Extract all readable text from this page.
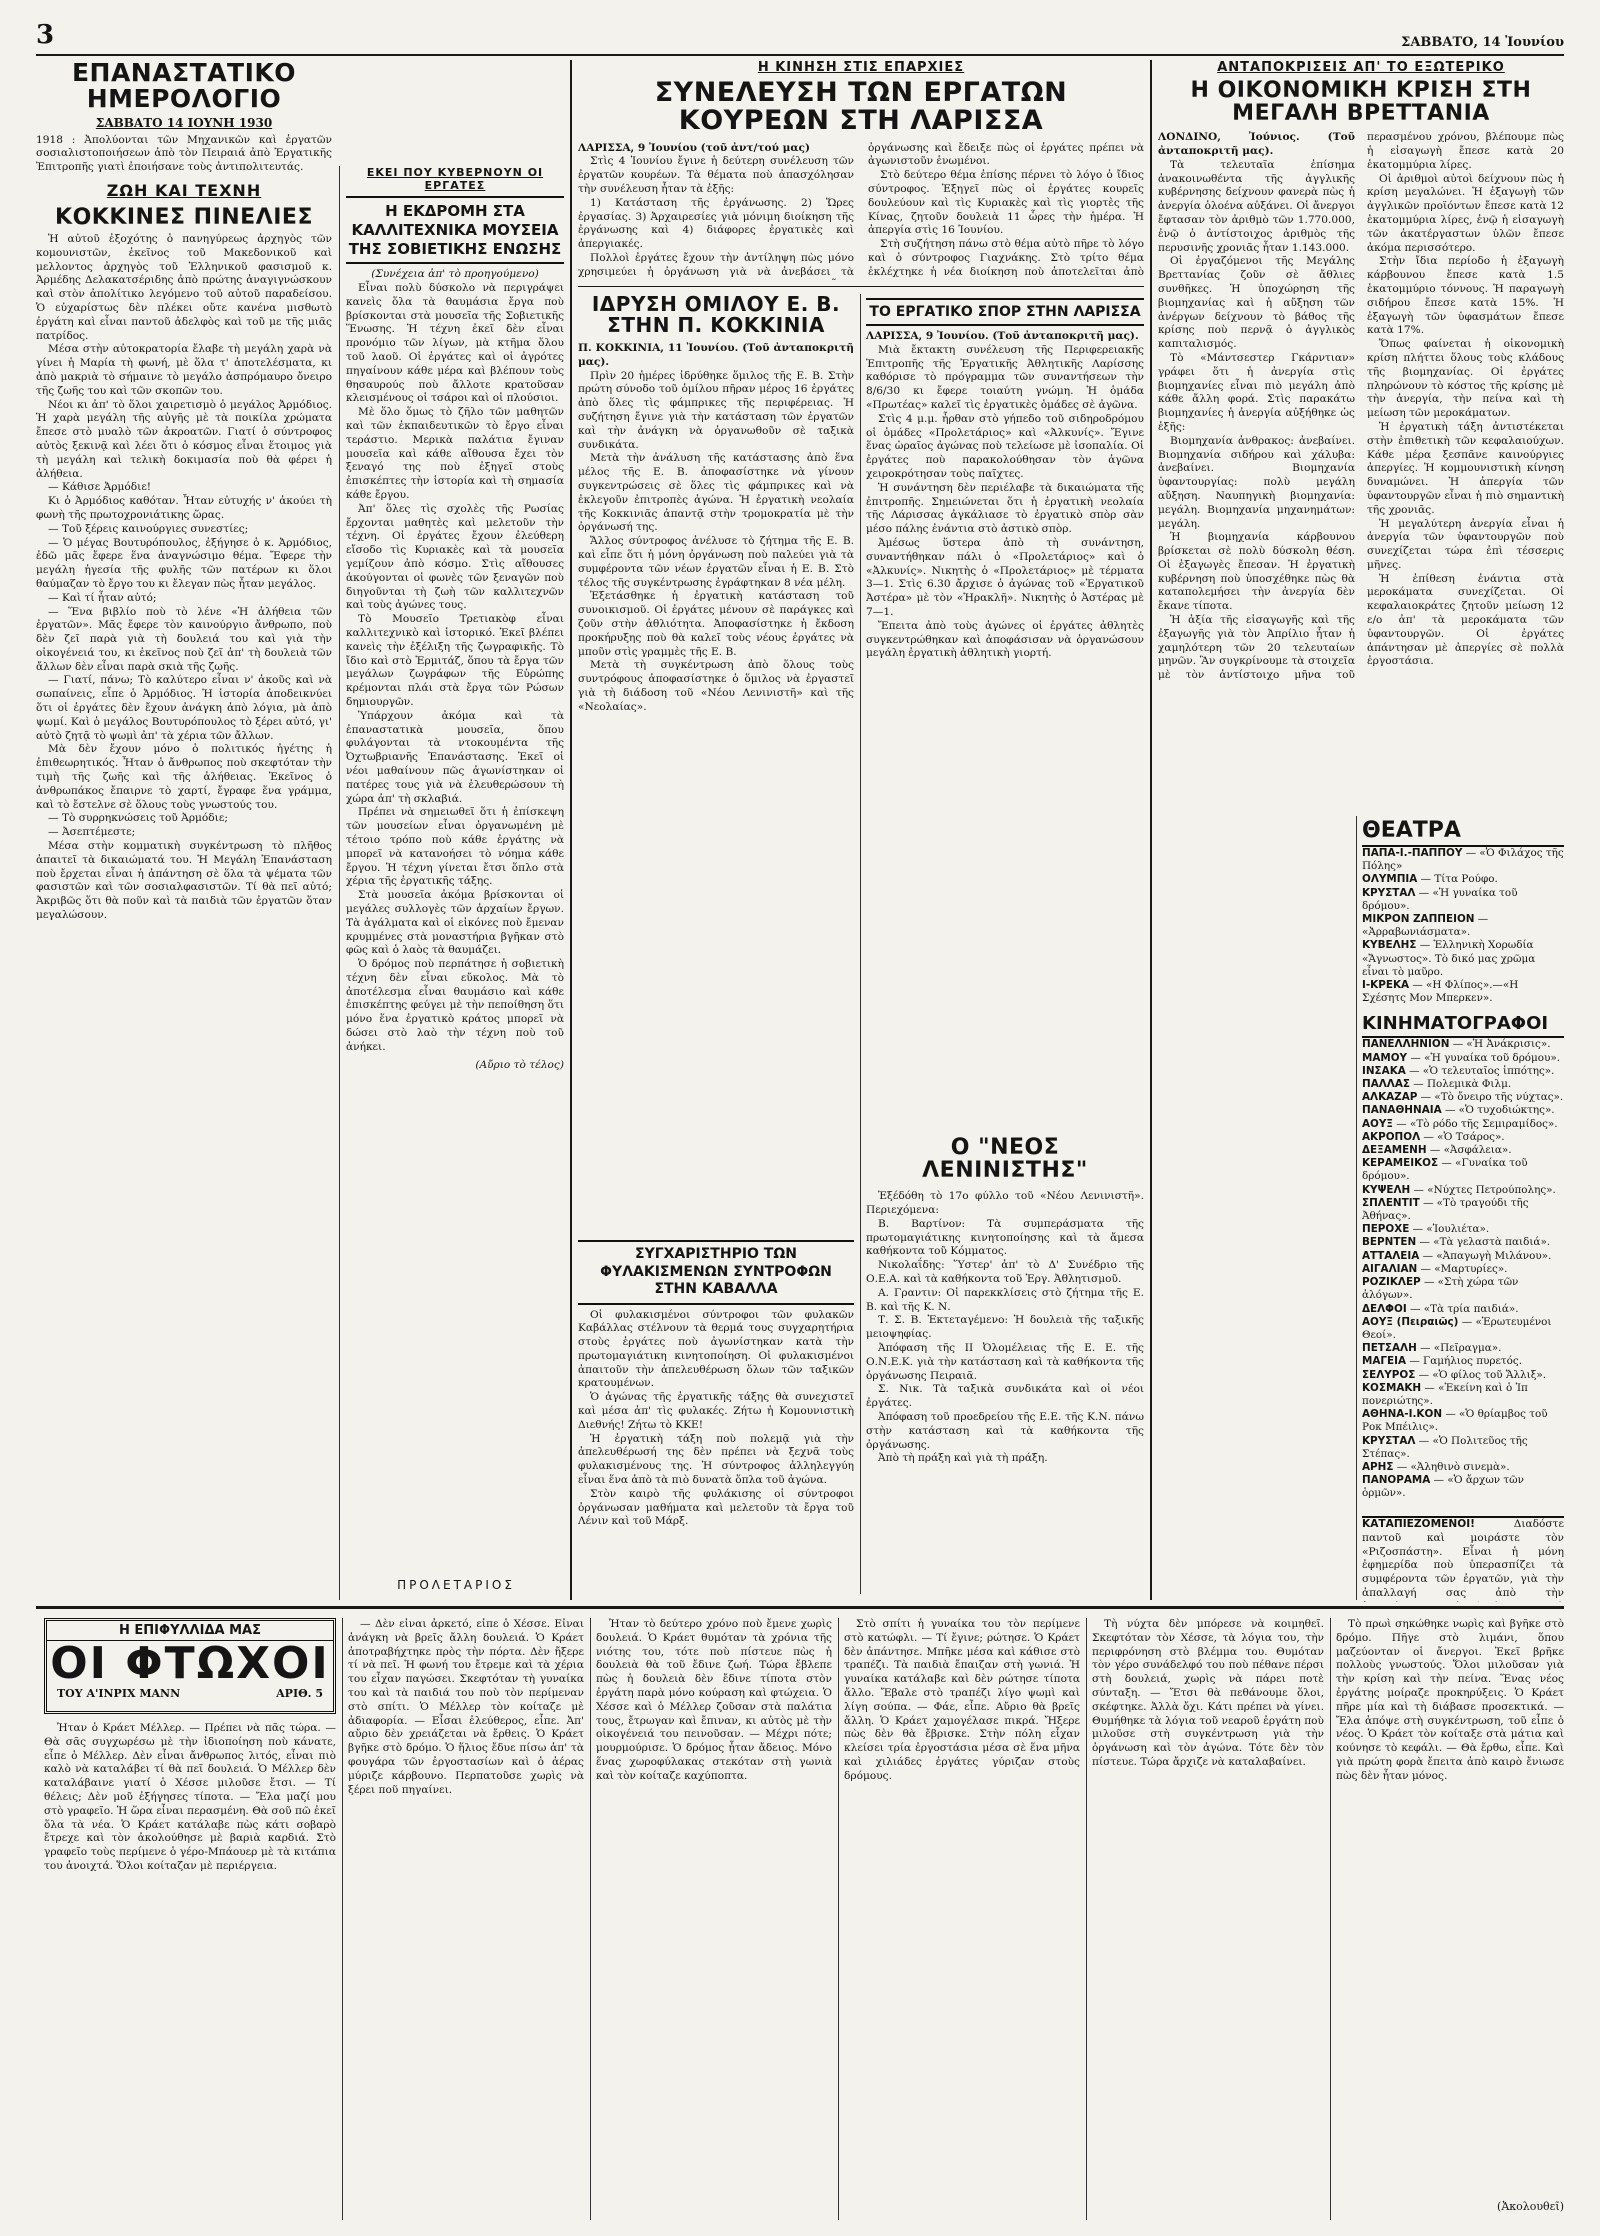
3	ΣΑΒΒΑΤΟ, 14 Ἰουνίου
ΕΠΑΝΑΣΤΑΤΙΚΟ ΗΜΕΡΟΛΟΓΙΟ
ΣΑΒΒΑΤΟ 14 ΙΟΥΝΗ 1930

1918 : Ἀπολύονται τῶν Μηχανικῶν καὶ ἐργατῶν σοσιαλιστοποιήσεων ἀπὸ τὸν Πειραιά ἀπὸ Ἐργατικῆς Ἐπιτροπῆς γιατὶ ἐποιήσανε τοὺς ἀντιπολιτευτάς.

ΖΩΗ ΚΑΙ ΤΕΧΝΗ
ΚΟΚΚΙΝΕΣ ΠΙΝΕΛΙΕΣ

Ἡ αὐτοῦ ἐξοχότης ὁ πανηγύρεως ἀρχηγὸς τῶν κομουνιστῶν, ἐκεῖνος τοῦ Μακεδονικοῦ καὶ μελλοντος ἀρχηγὸς τοῦ Ἑλληνικοῦ φασισμοῦ κ. Ἀρμέδης Δελακατσέριδης ἀπὸ πρώτης ἀναγιγνώσκουν καὶ στὸν ἀπολίτικο λεγόμενο τοῦ αὐτοῦ παραδείσου. Ὁ εὐχαρίστως δὲν πλέκει οὔτε κανένα μισθωτὸ ἐργάτη καὶ εἶναι παντοῦ ἀδελφὸς καὶ τοῦ με τῆς μιᾶς πατρίδος.

Μέσα στὴν αὐτοκρατορία ἔλαβε τὴ μεγάλη χαρὰ νὰ γίνει ἡ Μαρία τὴ φωνή, μὲ ὅλα τ' ἀποτελέσματα, κι ἀπὸ μακριὰ τὸ σήμαινε τὸ μεγάλο ἀσπρόμαυρο ὄνειρο τῆς ζωῆς του καὶ τῶν σκοπῶν του.

Νέοι κι ἀπ' τὸ ὅλοι χαιρετισμὸ ὁ μεγάλος Ἀρμόδιος. Ἡ χαρὰ μεγάλη τῆς αὐγῆς μὲ τὰ ποικίλα χρώματα ἔπεσε στὸ μυαλὸ τῶν ἀκροατῶν. Γιατί ὁ σύντροφος αὐτὸς ξεκινᾷ καὶ λέει ὅτι ὁ κόσμος εἶναι ἕτοιμος γιὰ τὴ μεγάλη καὶ τελικὴ δοκιμασία ποὺ θὰ φέρει ἡ ἀλήθεια.

— Κάθισε Ἀρμόδιε!

Κι ὁ Ἀρμόδιος καθόταν. Ἦταν εὐτυχής ν' ἀκούει τὴ φωνὴ τῆς πρωτοχρονιάτικης ὥρας.

— Τοῦ ξέρεις καινούργιες συνεστίες;

— Ὁ μέγας Βουτυρόπουλος, ἐξήγησε ὁ κ. Ἀρμόδιος, ἐδῶ μᾶς ἔφερε ἕνα ἀναγνώσιμο θέμα. Ἔφερε τὴν μεγάλη ἡγεσία τῆς φυλῆς τῶν πατέρων κι ὅλοι θαύμαζαν τὸ ἔργο του κι ἔλεγαν πὼς ἦταν μεγάλος.

— Καὶ τί ἦταν αὐτό;

— Ἕνα βιβλίο ποὺ τὸ λένε «Ἡ ἀλήθεια τῶν ἐργατῶν». Μᾶς ἔφερε τὸν καινούργιο ἄνθρωπο, ποὺ δὲν ζεῖ παρὰ γιὰ τὴ δουλειά του καὶ γιὰ τὴν οἰκογένειά του, κι ἐκεῖνος ποὺ ζεῖ ἀπ' τὴ δουλειὰ τῶν ἄλλων δὲν εἶναι παρὰ σκιὰ τῆς ζωῆς.

— Γιατί, πάνω; Τὸ καλύτερο εἶναι ν' ἀκοῦς καὶ νὰ σωπαίνεις, εἶπε ὁ Ἀρμόδιος. Ἡ ἱστορία ἀποδεικνύει ὅτι οἱ ἐργάτες δὲν ἔχουν ἀνάγκη ἀπὸ λόγια, μὰ ἀπὸ ψωμί. Καὶ ὁ μεγάλος Βουτυρόπουλος τὸ ξέρει αὐτό, γι' αὐτὸ ζητᾷ τὸ ψωμὶ ἀπ' τὰ χέρια τῶν ἄλλων.

Μὰ δὲν ἔχουν μόνο ὁ πολιτικός ἠγέτης ἡ ἐπιθεωρητικός. Ἦταν ὁ ἄνθρωπος ποὺ σκεφτόταν τὴν τιμὴ τῆς ζωῆς καὶ τῆς ἀλήθειας. Ἐκεῖνος ὁ ἀνθρωπάκος ἔπαιρνε τὸ χαρτί, ἔγραφε ἕνα γράμμα, καὶ τὸ ἔστελνε σὲ ὅλους τοὺς γνωστούς του.

— Τὸ συρρηκνώσεις τοῦ Ἀρμόδιε;

— Ἀσεπτέμεστε;

Μέσα στὴν κομματικὴ συγκέντρωση τὸ πλῆθος ἀπαιτεῖ τὰ δικαιώματά του. Ἡ Μεγάλη Ἐπανάσταση ποὺ ἔρχεται εἶναι ἡ ἀπάντηση σὲ ὅλα τὰ ψέματα τῶν φασιστῶν καὶ τῶν σοσιαλφασιστῶν. Τί θὰ πεῖ αὐτό; Ἀκριβῶς ὅτι θὰ ποῦν καὶ τὰ παιδιὰ τῶν ἐργατῶν ὅταν μεγαλώσουν.

ΕΚΕΙ ΠΟΥ ΚΥΒΕΡΝΟΥΝ ΟΙ ΕΡΓΑΤΕΣ
Η ΕΚΔΡΟΜΗ ΣΤΑ ΚΑΛΛΙΤΕΧΝΙΚΑ ΜΟΥΣΕΙΑ ΤΗΣ ΣΟΒΙΕΤΙΚΗΣ ΕΝΩΣΗΣ

(Συνέχεια ἀπ' τὸ προηγούμενο)

Εἶναι πολὺ δύσκολο νὰ περιγράψει κανεὶς ὅλα τὰ θαυμάσια ἔργα ποὺ βρίσκονται στὰ μουσεῖα τῆς Σοβιετικῆς Ἕνωσης. Ἡ τέχνη ἐκεῖ δὲν εἶναι προνόμιο τῶν λίγων, μὰ κτῆμα ὅλου τοῦ λαοῦ. Οἱ ἐργάτες καὶ οἱ ἀγρότες πηγαίνουν κάθε μέρα καὶ βλέπουν τοὺς θησαυρούς ποὺ ἄλλοτε κρατοῦσαν κλεισμένους οἱ τσάροι καὶ οἱ πλούσιοι.

Μὲ ὅλο ὅμως τὸ ζῆλο τῶν μαθητῶν καὶ τῶν ἐκπαιδευτικῶν τὸ ἔργο εἶναι τεράστιο. Μερικὰ παλάτια ἔγιναν μουσεῖα καὶ κάθε αἴθουσα ἔχει τὸν ξεναγό της ποὺ ἐξηγεῖ στοὺς ἐπισκέπτες τὴν ἱστορία καὶ τὴ σημασία κάθε ἔργου.

Ἀπ' ὅλες τὶς σχολὲς τῆς Ρωσίας ἔρχονται μαθητὲς καὶ μελετοῦν τὴν τέχνη. Οἱ ἐργάτες ἔχουν ἐλεύθερη εἴσοδο τὶς Κυριακὲς καὶ τὰ μουσεῖα γεμίζουν ἀπὸ κόσμο. Στὶς αἴθουσες ἀκούγονται οἱ φωνὲς τῶν ξεναγῶν ποὺ διηγοῦνται τὴ ζωὴ τῶν καλλιτεχνῶν καὶ τοὺς ἀγώνες τους.

Τὸ Μουσεῖο Τρετιακὸφ εἶναι καλλιτεχνικὸ καὶ ἱστορικό. Ἐκεῖ βλέπει κανεὶς τὴν ἐξέλιξη τῆς ζωγραφικῆς. Τὸ ἴδιο καὶ στὸ Ἐρμιτάζ, ὅπου τὰ ἔργα τῶν μεγάλων ζωγράφων τῆς Εὐρώπης κρέμονται πλάι στὰ ἔργα τῶν Ρώσων δημιουργῶν.

Ὑπάρχουν ἀκόμα καὶ τὰ ἐπαναστατικὰ μουσεῖα, ὅπου φυλάγονται τὰ ντοκουμέντα τῆς Ὀχτωβριανῆς Ἐπανάστασης. Ἐκεῖ οἱ νέοι μαθαίνουν πῶς ἀγωνίστηκαν οἱ πατέρες τους γιὰ νὰ ἐλευθερώσουν τὴ χώρα ἀπ' τὴ σκλαβιά.

Πρέπει νὰ σημειωθεῖ ὅτι ἡ ἐπίσκεψη τῶν μουσείων εἶναι ὀργανωμένη μὲ τέτοιο τρόπο ποὺ κάθε ἐργάτης νὰ μπορεῖ νὰ κατανοήσει τὸ νόημα κάθε ἔργου. Ἡ τέχνη γίνεται ἔτσι ὅπλο στὰ χέρια τῆς ἐργατικῆς τάξης.

Στὰ μουσεῖα ἀκόμα βρίσκονται οἱ μεγάλες συλλογὲς τῶν ἀρχαίων ἔργων. Τὰ ἀγάλματα καὶ οἱ εἰκόνες ποὺ ἔμεναν κρυμμένες στὰ μοναστήρια βγῆκαν στὸ φῶς καὶ ὁ λαὸς τὰ θαυμάζει.

Ὁ δρόμος ποὺ περπάτησε ἡ σοβιετικὴ τέχνη δὲν εἶναι εὔκολος. Μὰ τὸ ἀποτέλεσμα εἶναι θαυμάσιο καὶ κάθε ἐπισκέπτης φεύγει μὲ τὴν πεποίθηση ὅτι μόνο ἕνα ἐργατικὸ κράτος μπορεῖ νὰ δώσει στὸ λαὸ τὴν τέχνη ποὺ τοῦ ἀνήκει.

(Αὔριο τὸ τέλος)
Η ΚΙΝΗΣΗ ΣΤΙΣ ΕΠΑΡΧΙΕΣ
ΣΥΝΕΛΕΥΣΗ ΤΩΝ ΕΡΓΑΤΩΝ ΚΟΥΡΕΩΝ ΣΤΗ ΛΑΡΙΣΣΑ

ΛΑΡΙΣΣΑ, 9 Ἰουνίου (τοῦ ἀντ/τού μας)

Στὶς 4 Ἰουνίου ἔγινε ἡ δεύτερη συνέλευση τῶν ἐργατῶν κουρέων. Τὰ θέματα ποὺ ἀπασχόλησαν τὴν συνέλευση ἦταν τὰ ἑξῆς:

1) Κατάσταση τῆς ἐργάνωσης. 2) Ὥρες ἐργασίας. 3) Ἀρχαιρεσίες γιὰ μόνιμη διοίκηση τῆς ἐργάνωσης καὶ 4) διάφορες ἐργατικὲς καὶ ἀπεργιακές.

Πολλοὶ ἐργάτες ἔχουν τὴν ἀντίληψη πὼς μόνο χρησιμεύει ἡ ὀργάνωση γιὰ νὰ ἀνεβάσει τὰ

ὀργάνωσης καὶ ἔδειξε πὼς οἱ ἐργάτες πρέπει νὰ ἀγωνιστοῦν ἑνωμένοι.

Στὸ δεύτερο θέμα ἐπίσης πέρνει τὸ λόγο ὁ ἴδιος σύντροφος. Ἐξηγεῖ πὼς οἱ ἐργάτες κουρεῖς δουλεύουν καὶ τὶς Κυριακὲς καὶ τὶς γιορτὲς τῆς Κίνας, ζητοῦν δουλειὰ 11 ὧρες τὴν ἡμέρα. Ἡ ἀπεργία στὶς 16 Ἰουνίου.

Στὴ συζήτηση πάνω στὸ θέμα αὐτὸ πῆρε τὸ λόγο καὶ ὁ σύντροφος Γιαχνάκης. Στὸ τρίτο θέμα ἐκλέχτηκε ἡ νέα διοίκηση ποὺ ἀποτελεῖται ἀπὸ

ΙΔΡΥΣΗ ΟΜΙΛΟΥ Ε. Β. ΣΤΗΝ Π. ΚΟΚΚΙΝΙΑ

Π. ΚΟΚΚΙΝΙΑ, 11 Ἰουνίου. (Τοῦ ἀνταποκριτῆ μας).

Πρὶν 20 ἡμέρες ἱδρύθηκε ὅμιλος τῆς Ε. Β. Στὴν πρώτη σύνοδο τοῦ ὁμίλου πῆραν μέρος 16 ἐργάτες ἀπὸ ὅλες τὶς φάμπρικες τῆς περιφέρειας. Ἡ συζήτηση ἔγινε γιὰ τὴν κατάσταση τῶν ἐργατῶν καὶ τὴν ἀνάγκη νὰ ὀργανωθοῦν σὲ ταξικὰ συνδικάτα.

Μετὰ τὴν ἀνάλυση τῆς κατάστασης ἀπὸ ἕνα μέλος τῆς Ε. Β. ἀποφασίστηκε νὰ γίνουν συγκεντρώσεις σὲ ὅλες τὶς φάμπρικες καὶ νὰ ἐκλεγοῦν ἐπιτροπὲς ἀγώνα. Ἡ ἐργατικὴ νεολαία τῆς Κοκκινιᾶς ἀπαντᾷ στὴν τρομοκρατία μὲ τὴν ὀργάνωσή της.

Ἄλλος σύντροφος ἀνέλυσε τὸ ζήτημα τῆς Ε. Β. καὶ εἶπε ὅτι ἡ μόνη ὀργάνωση ποὺ παλεύει γιὰ τὰ συμφέροντα τῶν νέων ἐργατῶν εἶναι ἡ Ε. Β. Στὸ τέλος τῆς συγκέντρωσης ἐγράφτηκαν 8 νέα μέλη.

Ἐξετάσθηκε ἡ ἐργατικὴ κατάσταση τοῦ συνοικισμοῦ. Οἱ ἐργάτες μένουν σὲ παράγκες καὶ ζοῦν στὴν ἀθλιότητα. Ἀποφασίστηκε ἡ ἔκδοση προκήρυξης ποὺ θὰ καλεῖ τοὺς νέους ἐργάτες νὰ μποῦν στὶς γραμμὲς τῆς Ε. Β.

Μετὰ τὴ συγκέντρωση ἀπὸ ὅλους τοὺς συντρόφους ἀποφασίστηκε ὁ ὅμιλος νὰ ἐργαστεῖ γιὰ τὴ διάδοση τοῦ «Νέου Λενινιστῆ» καὶ τῆς «Νεολαίας».

ΤΟ ΕΡΓΑΤΙΚΟ ΣΠΟΡ ΣΤΗΝ ΛΑΡΙΣΣΑ

ΛΑΡΙΣΣΑ, 9 Ἰουνίου. (Τοῦ ἀνταποκριτῆ μας).

Μιὰ ἔκτακτη συνέλευση τῆς Περιφερειακῆς Ἐπιτροπῆς τῆς Ἐργατικῆς Ἀθλητικῆς Λαρίσσης καθόρισε τὸ πρόγραμμα τῶν συναντήσεων τὴν 8/6/30 κι ἔφερε τοιαύτη γνώμη. Ἡ ὁμάδα «Πρωτέας» καλεῖ τὶς ἐργατικὲς ὁμάδες σὲ ἀγῶνα.

Στὶς 4 μ.μ. ἦρθαν στὸ γήπεδο τοῦ σιδηροδρόμου οἱ ὁμάδες «Προλετάριος» καὶ «Ἀλκυνίς». Ἔγινε ἕνας ὡραῖος ἀγώνας ποὺ τελείωσε μὲ ἰσοπαλία. Οἱ ἐργάτες ποὺ παρακολούθησαν τὸν ἀγῶνα χειροκρότησαν τοὺς παῖχτες.

Ἡ συνάντηση δὲν περιέλαβε τὰ δικαιώματα τῆς ἐπιτροπῆς. Σημειώνεται ὅτι ἡ ἐργατικὴ νεολαία τῆς Λάρισσας ἀγκάλιασε τὸ ἐργατικὸ σπὸρ σὰν μέσο πάλης ἐνάντια στὸ ἀστικὸ σπὸρ.

Ἀμέσως ὕστερα ἀπὸ τὴ συνάντηση, συναντήθηκαν πάλι ὁ «Προλετάριος» καὶ ὁ «Ἀλκυνίς». Νικητὴς ὁ «Προλετάριος» μὲ τέρματα 3—1. Στὶς 6.30 ἄρχισε ὁ ἀγώνας τοῦ «Ἐργατικοῦ Ἀστέρα» μὲ τὸν «Ἡρακλῆ». Νικητὴς ὁ Ἀστέρας μὲ 7—1.

Ἔπειτα ἀπὸ τοὺς ἀγώνες οἱ ἐργάτες ἀθλητὲς συγκεντρώθηκαν καὶ ἀποφάσισαν νὰ ὀργανώσουν μεγάλη ἐργατικὴ ἀθλητικὴ γιορτή.

ΣΥΓΧΑΡΙΣΤΗΡΙΟ ΤΩΝ ΦΥΛΑΚΙΣΜΕΝΩΝ ΣΥΝΤΡΟΦΩΝ ΣΤΗΝ ΚΑΒΑΛΛΑ

Οἱ φυλακισμένοι σύντροφοι τῶν φυλακῶν Καβάλλας στέλνουν τὰ θερμά τους συγχαρητήρια στοὺς ἐργάτες ποὺ ἀγωνίστηκαν κατὰ τὴν πρωτομαγιάτικη κινητοποίηση. Οἱ φυλακισμένοι ἀπαιτοῦν τὴν ἀπελευθέρωση ὅλων τῶν ταξικῶν κρατουμένων.

Ὁ ἀγώνας τῆς ἐργατικῆς τάξης θὰ συνεχιστεῖ καὶ μέσα ἀπ' τὶς φυλακές. Ζήτω ἡ Κομουνιστικὴ Διεθνής! Ζήτω τὸ ΚΚΕ!

Ἡ ἐργατικὴ τάξη ποὺ πολεμᾷ γιὰ τὴν ἀπελευθέρωσή της δὲν πρέπει νὰ ξεχνᾶ τοὺς φυλακισμένους της. Ἡ σύντροφος ἀλληλεγγύη εἶναι ἕνα ἀπὸ τὰ πιὸ δυνατὰ ὅπλα τοῦ ἀγώνα.

Στὸν καιρὸ τῆς φυλάκισης οἱ σύντροφοι ὀργάνωσαν μαθήματα καὶ μελετοῦν τὰ ἔργα τοῦ Λένιν καὶ τοῦ Μάρξ.

Ο "ΝΕΟΣ ΛΕΝΙΝΙΣΤΗΣ"

Ἐξέδόθη τὸ 17ο φύλλο τοῦ «Νέου Λενινιστῆ». Περιεχόμενα:

Β. Βαρτίνον: Τὰ συμπεράσματα τῆς πρωτομαγιάτικης κινητοποίησης καὶ τὰ ἄμεσα καθήκοντα τοῦ Κόμματος.

Νικολαΐδης: Ὕστερ' ἀπ' τὸ Δ' Συνέδριο τῆς Ο.Ε.Α. καὶ τὰ καθήκοντα τοῦ Ἐργ. Ἀθλητισμοῦ.

Α. Γραντιν: Οἱ παρεκκλίσεις στὸ ζήτημα τῆς Ε. Β. καὶ τῆς Κ. Ν.

Τ. Σ. Β. Ἐκτεταγέμενο: Ἡ δουλειὰ τῆς ταξικῆς μειοψηφίας.

Ἀπόφαση τῆς ΙΙ Ὀλομέλειας τῆς Ε. Ε. τῆς Ο.Ν.Ε.Κ. γιὰ τὴν κατάσταση καὶ τὰ καθήκοντα τῆς ὀργάνωσης Πειραιᾶ.

Σ. Νικ. Τὰ ταξικὰ συνδικάτα καὶ οἱ νέοι ἐργάτες.

Ἀπόφαση τοῦ προεδρείου τῆς Ε.Ε. τῆς Κ.Ν. πάνω στὴν κατάσταση καὶ τὰ καθήκοντα τῆς ὀργάνωσης.

Ἀπὸ τὴ πράξη καὶ γιὰ τὴ πράξη.

ΠΡΟΛΕΤΑΡΙΟΣ
ΑΝΤΑΠΟΚΡΙΣΕΙΣ ΑΠ' ΤΟ ΕΞΩΤΕΡΙΚΟ
Η ΟΙΚΟΝΟΜΙΚΗ ΚΡΙΣΗ ΣΤΗ ΜΕΓΑΛΗ ΒΡΕΤΤΑΝΙΑ

ΛΟΝΔΙΝΟ, Ἰούνιος. (Τοῦ ἀνταποκριτῆ μας).

Τὰ τελευταῖα ἐπίσημα ἀνακοινωθέντα τῆς ἀγγλικῆς κυβέρνησης δείχνουν φανερὰ πὼς ἡ ἀνεργία ὁλοένα αὐξάνει. Οἱ ἄνεργοι ἔφτασαν τὸν ἀριθμὸ τῶν 1.770.000, ἐνῷ ὁ ἀντίστοιχος ἀριθμὸς τῆς περυσινῆς χρονιᾶς ἦταν 1.143.000.

Οἱ ἐργαζόμενοι τῆς Μεγάλης Βρεττανίας ζοῦν σὲ ἄθλιες συνθῆκες. Ἡ ὑποχώρηση τῆς βιομηχανίας καὶ ἡ αὔξηση τῶν ἀνέργων δείχνουν τὸ βάθος τῆς κρίσης ποὺ περνᾷ ὁ ἀγγλικὸς καπιταλισμός.

Τὸ «Μάντσεστερ Γκάρντιαν» γράφει ὅτι ἡ ἀνεργία στὶς βιομηχανίες εἶναι πιὸ μεγάλη ἀπὸ κάθε ἄλλη φορά. Στὶς παρακάτω βιομηχανίες ἡ ἀνεργία αὐξήθηκε ὡς ἑξῆς:

Βιομηχανία ἀνθρακος: ἀνεβαίνει. Βιομηχανία σιδήρου καὶ χάλυβα: ἀνεβαίνει. Βιομηχανία ὑφαντουργίας: πολὺ μεγάλη αὔξηση. Ναυπηγικὴ βιομηχανία: μεγάλη. Βιομηχανία μηχανημάτων: μεγάλη.

Ἡ βιομηχανία κάρβουνου βρίσκεται σὲ πολὺ δύσκολη θέση. Οἱ ἐξαγωγὲς ἔπεσαν. Ἡ ἐργατικὴ κυβέρνηση ποὺ ὑποσχέθηκε πὼς θὰ καταπολεμήσει τὴν ἀνεργία δὲν ἔκανε τίποτα.

Ἡ ἀξία τῆς εἰσαγωγῆς καὶ τῆς ἐξαγωγῆς γιὰ τὸν Ἀπρίλιο ἦταν ἡ χαμηλότερη τῶν 20 τελευταίων μηνῶν. Ἂν συγκρίνουμε τὰ στοιχεῖα μὲ τὸν ἀντίστοιχο μῆνα τοῦ περασμένου χρόνου, βλέπουμε πὼς ἡ εἰσαγωγὴ ἔπεσε κατὰ 20 ἑκατομμύρια λίρες.

Οἱ ἀριθμοὶ αὐτοὶ δείχνουν πὼς ἡ κρίση μεγαλώνει. Ἡ ἐξαγωγὴ τῶν ἀγγλικῶν προϊόντων ἔπεσε κατὰ 12 ἑκατομμύρια λίρες, ἐνῷ ἡ εἰσαγωγὴ τῶν ἀκατέργαστων ὑλῶν ἔπεσε ἀκόμα περισσότερο.

Στὴν ἴδια περίοδο ἡ ἐξαγωγὴ κάρβουνου ἔπεσε κατὰ 1.5 ἑκατομμύριο τόννους. Ἡ παραγωγὴ σιδήρου ἔπεσε κατὰ 15%. Ἡ ἐξαγωγὴ τῶν ὑφασμάτων ἔπεσε κατὰ 17%.

Ὅπως φαίνεται ἡ οἰκονομικὴ κρίση πλήττει ὅλους τοὺς κλάδους τῆς βιομηχανίας. Οἱ ἐργάτες πληρώνουν τὸ κόστος τῆς κρίσης μὲ τὴν ἀνεργία, τὴν πείνα καὶ τὴ μείωση τῶν μεροκάματων.

Ἡ ἐργατικὴ τάξη ἀντιστέκεται στὴν ἐπιθετικὴ τῶν κεφαλαιούχων. Κάθε μέρα ξεσπᾶνε καινούργιες ἀπεργίες. Ἡ κομμουνιστικὴ κίνηση δυναμώνει. Ἡ ἀπεργία τῶν ὑφαντουργῶν εἶναι ἡ πιὸ σημαντικὴ τῆς χρονιᾶς.

Ἡ μεγαλύτερη ἀνεργία εἶναι ἡ ἀνεργία τῶν ὑφαντουργῶν ποὺ συνεχίζεται τώρα ἐπὶ τέσσερις μῆνες.

Ἡ ἐπίθεση ἐνάντια στὰ μεροκάματα συνεχίζεται. Οἱ κεφαλαιοκράτες ζητοῦν μείωση 12 ε/ο ἀπ' τὰ μεροκάματα τῶν ὑφαντουργῶν. Οἱ ἐργάτες ἀπάντησαν μὲ ἀπεργίες σὲ πολλὰ ἐργοστάσια.

ΘΕΑΤΡΑ

ΠΑΠΑ-Ι.-ΠΑΠΠΟΥ — «Ὁ Φιλάχος τῆς Πόλης»

ΟΛΥΜΠΙΑ — Τίτα Ρούφο.

ΚΡΥΣΤΑΛ — «Ἡ γυναίκα τοῦ δρόμου».

ΜΙΚΡΟΝ ΖΑΠΠΕΙΟΝ — «Ἀρραβωνιάσματα».

ΚΥΒΕΛΗΣ — Ἑλληνικὴ Χορωδία «Ἄγνωστος». Τὸ δικό μας χρῶμα εἶναι τὸ μαῦρο.

Ι-ΚΡΕΚΑ — «Η Φλίπος».—«Η Σχέσητς Μον Μπερκεν».

ΚΙΝΗΜΑΤΟΓΡΑΦΟΙ

ΠΑΝΕΛΛΗΝΙΟΝ — «Ἡ Ἀνάκρισις».

ΜΑΜΟΥ — «Ἡ γυναίκα τοῦ δρόμου».

ΙΝΣΑΚΑ — «Ὁ τελευταῖος ἱππότης».

ΠΑΛΛΑΣ — Πολεμικὰ Φιλμ.

ΑΛΚΑΖΑΡ — «Τὸ ὄνειρο τῆς νύχτας».

ΠΑΝΑΘΗΝΑΙΑ — «Ὁ τυχοδιώκτης».

ΑΟΥΞ — «Τὸ ρόδο τῆς Σεμιραμίδος».

ΑΚΡΟΠΟΛ — «Ὁ Τσάρος».

ΔΕΞΑΜΕΝΗ — «Ἀσφάλεια».

ΚΕΡΑΜΕΙΚΟΣ — «Γυναίκα τοῦ δρόμου».

ΚΥΨΕΛΗ — «Νύχτες Πετρούπολης».

ΣΠΛΕΝΤΙΤ — «Τὸ τραγούδι τῆς Ἀθήνας».

ΠΕΡΟΧΕ — «Ἰουλιέτα».

ΒΕΡΝΤΕΝ — «Τὰ γελαστὰ παιδιά».

ΑΤΤΑΛΕΙΑ — «Ἀπαγωγὴ Μιλάνου».

ΑΙΓΑΛΙΑΝ — «Μαρτυρίες».

ΡΟΖΙΚΛΕΡ — «Στὴ χώρα τῶν ἀλόγων».

ΔΕΛΦΟΙ — «Τὰ τρία παιδιά».

ΑΟΥΞ (Πειραιῶς) — «Ἐρωτευμένοι Θεοί».

ΠΕΤΣΑΛΗ — «Πεῖραγμα».

ΜΑΓΕΙΑ — Γαμήλιος πυρετός.

ΣΕΛΥΡΟΣ — «Ὁ φίλος τοῦ Ἄλλιξ».

ΚΟΣΜΑΚΗ — «Ἐκείνη καὶ ὁ Ἰπ πονεριώτης».

ΑΘΗΝΑ-Ι.ΚΟΝ — «Ὁ θρίαμβος τοῦ Ροκ Μπέιλις».

ΚΡΥΣΤΑΛ — «Ὁ Πολιτεῦος τῆς Στέπας».

ΑΡΗΣ — «Ἀληθινὸ σινεμὰ».

ΠΑΝΟΡΑΜΑ — «Ὁ ἄρχων τῶν ὁρμῶν».

ΚΑΤΑΠΙΕΖΟΜΕΝΟΙ!	Διαδόστε παντοῦ καὶ μοιράστε τὸν «Ριζοσπάστη». Εἶναι ἡ μόνη ἐφημερίδα ποὺ ὑπερασπίζει τὰ συμφέροντα τῶν ἐργατῶν, γιὰ τὴν ἀπαλλαγή σας ἀπὸ τὴν

Η ΕΠΙΦΥΛΛΙΔΑ ΜΑΣ
ΟΙ ΦΤΩΧΟΙ
ΤΟΥ Α'ΙΝΡΙΧ ΜΑΝΝ	ΑΡΙΘ. 5

Ἦταν ὁ Κράετ Μέλλερ. — Πρέπει νὰ πᾶς τώρα. — Θὰ σᾶς συγχωρέσω μὲ τὴν ἰδιοποίηση ποὺ κάνατε, εἶπε ὁ Μέλλερ. Δὲν εἶναι ἄνθρωπος λιτός, εἶναι πιὸ καλὸ νὰ καταλάβει τί θὰ πεῖ δουλειά. Ὁ Μέλλερ δὲν καταλάβαινε γιατί ὁ Χέσσε μιλοῦσε ἔτσι. — Τί θέλεις; Δὲν μοῦ ἐξήγησες τίποτα. — Ἔλα μαζί μου στὸ γραφεῖο. Ἡ ὥρα εἶναι περασμένη. Θὰ σοῦ πῶ ἐκεῖ ὅλα τὰ νέα. Ὁ Κράετ κατάλαβε πὼς κάτι σοβαρὸ ἔτρεχε καὶ τὸν ἀκολούθησε μὲ βαριὰ καρδιά. Στὸ γραφεῖο τοὺς περίμενε ὁ γέρο-Μπάουερ μὲ τὰ κιτάπια του ἀνοιχτά. Ὅλοι κοίταζαν μὲ περιέργεια.

— Δὲν εἶναι ἀρκετό, εἶπε ὁ Χέσσε. Εἶναι ἀνάγκη νὰ βρεῖς ἄλλη δουλειά. Ὁ Κράετ ἀποτραβήχτηκε πρὸς τὴν πόρτα. Δὲν ἤξερε τί νὰ πεῖ. Ἡ φωνή του ἔτρεμε καὶ τὰ χέρια του εἶχαν παγώσει. Σκεφτόταν τὴ γυναίκα του καὶ τὰ παιδιά του ποὺ τὸν περίμεναν στὸ σπίτι. Ὁ Μέλλερ τὸν κοίταζε μὲ ἀδιαφορία. — Εἶσαι ἐλεύθερος, εἶπε. Ἀπ' αὔριο δὲν χρειάζεται νὰ ἔρθεις. Ὁ Κράετ βγῆκε στὸ δρόμο. Ὁ ἥλιος ἔδυε πίσω ἀπ' τὰ φουγάρα τῶν ἐργοστασίων καὶ ὁ ἀέρας μύριζε κάρβουνο. Περπατοῦσε χωρὶς νὰ ξέρει ποῦ πηγαίνει.

Ἦταν τὸ δεύτερο χρόνο ποὺ ἔμενε χωρὶς δουλειά. Ὁ Κράετ θυμόταν τὰ χρόνια τῆς νιότης του, τότε ποὺ πίστευε πὼς ἡ δουλειὰ θὰ τοῦ ἔδινε ζωή. Τώρα ἔβλεπε πὼς ἡ δουλειὰ δὲν ἔδινε τίποτα στὸν ἐργάτη παρὰ μόνο κούραση καὶ φτώχεια. Ὁ Χέσσε καὶ ὁ Μέλλερ ζοῦσαν στὰ παλάτια τους, ἔτρωγαν καὶ ἔπιναν, κι αὐτὸς μὲ τὴν οἰκογένειά του πεινοῦσαν. — Μέχρι πότε; μουρμούρισε. Ὁ δρόμος ἦταν ἄδειος. Μόνο ἕνας χωροφύλακας στεκόταν στὴ γωνιὰ καὶ τὸν κοίταζε καχύποπτα.

Στὸ σπίτι ἡ γυναίκα του τὸν περίμενε στὸ κατώφλι. — Τί ἔγινε; ρώτησε. Ὁ Κράετ δὲν ἀπάντησε. Μπῆκε μέσα καὶ κάθισε στὸ τραπέζι. Τὰ παιδιὰ ἔπαιζαν στὴ γωνιά. Ἡ γυναίκα κατάλαβε καὶ δὲν ρώτησε τίποτα ἄλλο. Ἔβαλε στὸ τραπέζι λίγο ψωμὶ καὶ λίγη σούπα. — Φάε, εἶπε. Αὔριο θὰ βρεῖς ἄλλη. Ὁ Κράετ χαμογέλασε πικρά. Ἤξερε πὼς δὲν θὰ ἔβρισκε. Στὴν πόλη εἶχαν κλείσει τρία ἐργοστάσια μέσα σὲ ἕνα μῆνα καὶ χιλιάδες ἐργάτες γύριζαν στοὺς δρόμους.

Τὴ νύχτα δὲν μπόρεσε νὰ κοιμηθεῖ. Σκεφτόταν τὸν Χέσσε, τὰ λόγια του, τὴν περιφρόνηση στὸ βλέμμα του. Θυμόταν τὸν γέρο συνάδελφό του ποὺ πέθανε πέρσι στὴ δουλειά, χωρὶς νὰ πάρει ποτὲ σύνταξη. — Ἔτσι θὰ πεθάνουμε ὅλοι, σκέφτηκε. Ἀλλὰ ὄχι. Κάτι πρέπει νὰ γίνει. Θυμήθηκε τὰ λόγια τοῦ νεαροῦ ἐργάτη ποὺ μιλοῦσε στὴ συγκέντρωση γιὰ τὴν ὀργάνωση καὶ τὸν ἀγώνα. Τότε δὲν τὸν πίστευε. Τώρα ἄρχιζε νὰ καταλαβαίνει.

Τὸ πρωὶ σηκώθηκε νωρὶς καὶ βγῆκε στὸ δρόμο. Πῆγε στὸ λιμάνι, ὅπου μαζεύονταν οἱ ἄνεργοι. Ἐκεῖ βρῆκε πολλοὺς γνωστούς. Ὅλοι μιλοῦσαν γιὰ τὴν κρίση καὶ τὴν πείνα. Ἕνας νέος ἐργάτης μοίραζε προκηρύξεις. Ὁ Κράετ πῆρε μία καὶ τὴ διάβασε προσεκτικά. — Ἔλα ἀπόψε στὴ συγκέντρωση, τοῦ εἶπε ὁ νέος. Ὁ Κράετ τὸν κοίταξε στὰ μάτια καὶ κούνησε τὸ κεφάλι. — Θὰ ἔρθω, εἶπε. Καὶ γιὰ πρώτη φορὰ ἔπειτα ἀπὸ καιρὸ ἔνιωσε πὼς δὲν ἦταν μόνος.

(Ἀκολουθεῖ)
